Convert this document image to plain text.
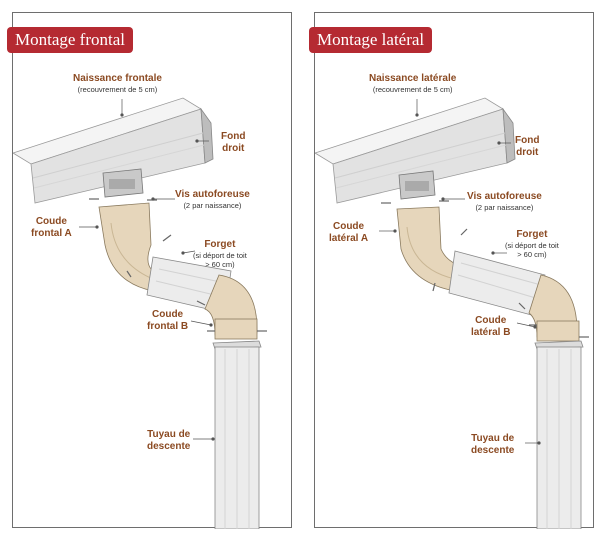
Montage frontal
Naissance frontale
(recouvrement de 5 cm)
Fond
droit
Vis autoforeuse
(2 par naissance)
Coude
frontal A
Forget
(si déport de toit
> 60 cm)
Coude
frontal B
Tuyau de
descente
Montage latéral
Naissance latérale
(recouvrement de 5 cm)
Fond
droit
Vis autoforeuse
(2 par naissance)
Coude
latéral A	Forget
(si déport de toit
> 60 cm)
Coude
latéral B
Tuyau de
descente
